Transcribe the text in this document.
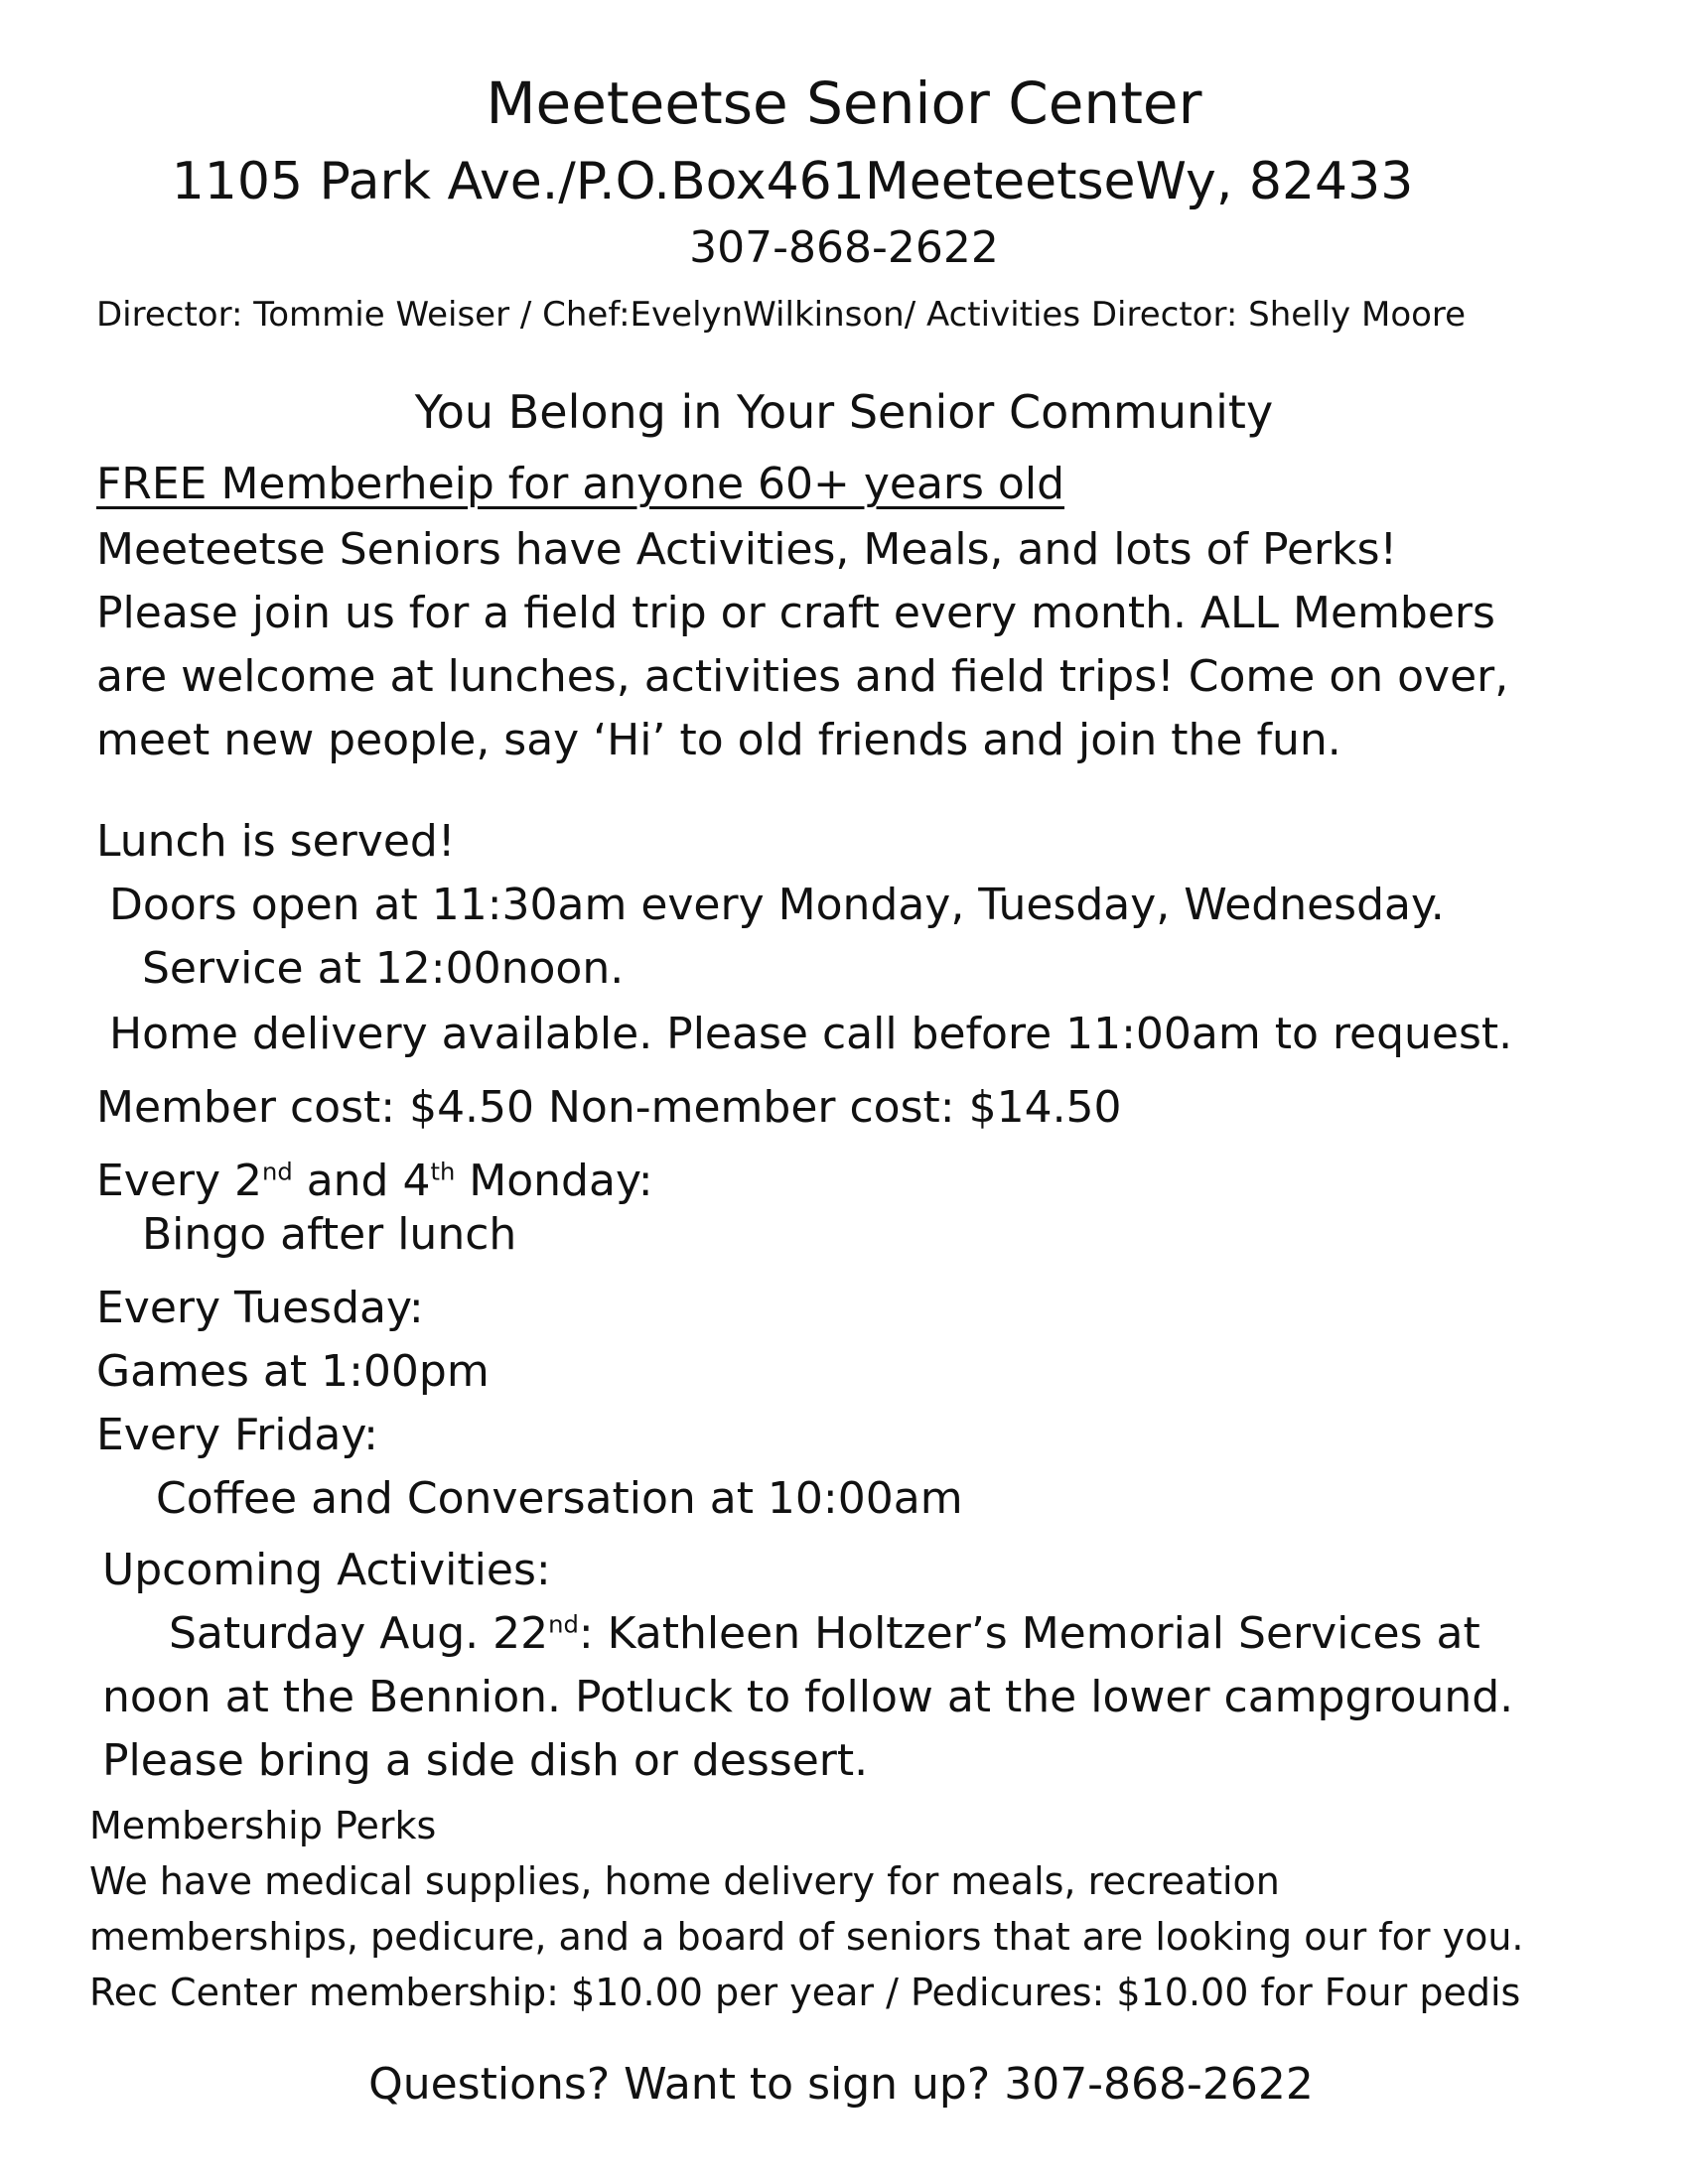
Meeteetse Senior Center
1105 Park Ave./P.O.Box461MeeteetseWy, 82433
307-868-2622
Director: Tommie Weiser / Chef:EvelynWilkinson/ Activities Director: Shelly Moore
You Belong in Your Senior Community
FREE Memberheip for anyone 60+ years old
Meeteetse Seniors have Activities, Meals, and lots of Perks!
Please join us for a field trip or craft every month. ALL Members
are welcome at lunches, activities and field trips! Come on over,
meet new people, say ‘Hi’ to old friends and join the fun.
Lunch is served!
Doors open at 11:30am every Monday, Tuesday, Wednesday.
Service at 12:00noon.
Home delivery available. Please call before 11:00am to request.
Member cost: $4.50 Non-member cost: $14.50
Every 2nd and 4th Monday:
Bingo after lunch
Every Tuesday:
Games at 1:00pm
Every Friday:
Coffee and Conversation at 10:00am
Upcoming Activities:
Saturday Aug. 22nd: Kathleen Holtzer’s Memorial Services at
noon at the Bennion. Potluck to follow at the lower campground.
Please bring a side dish or dessert.
Membership Perks
We have medical supplies, home delivery for meals, recreation
memberships, pedicure, and a board of seniors that are looking our for you.
Rec Center membership: $10.00 per year / Pedicures: $10.00 for Four pedis
Questions? Want to sign up? 307-868-2622
